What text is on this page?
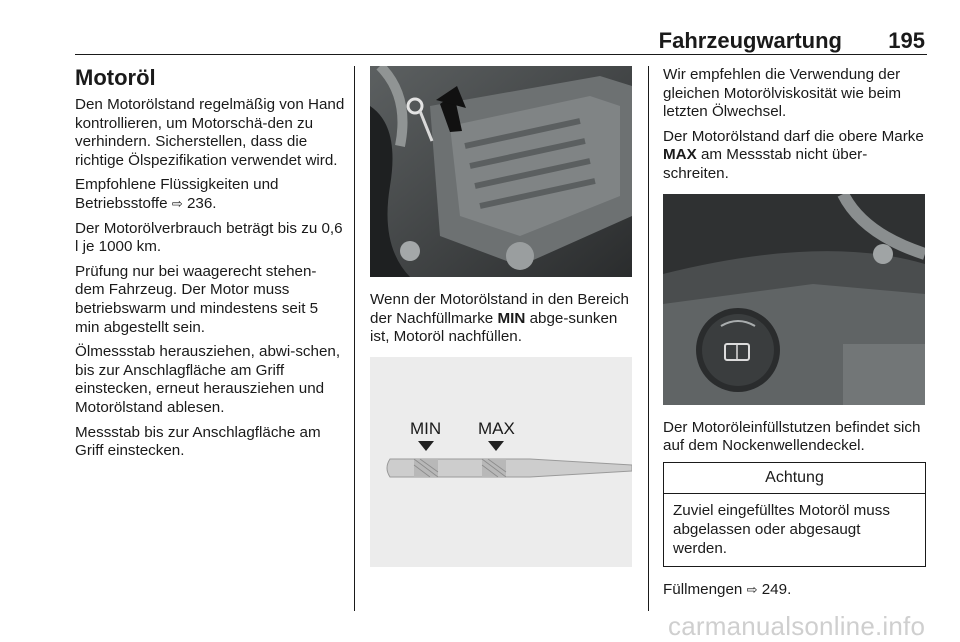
Fahrzeugwartung 195
Motoröl

Den Motorölstand regelmäßig von Hand kontrollieren, um Motorschä-den zu verhindern. Sicherstellen, dass die richtige Ölspezifikation verwendet wird.

Empfohlene Flüssigkeiten und Betriebsstoffe ⇨ 236.

Der Motorölverbrauch beträgt bis zu 0,6 l je 1000 km.

Prüfung nur bei waagerecht stehen-dem Fahrzeug. Der Motor muss betriebswarm und mindestens seit 5 min abgestellt sein.

Ölmessstab herausziehen, abwi-schen, bis zur Anschlagfläche am Griff einstecken, erneut herausziehen und Motorölstand ablesen.

Messstab bis zur Anschlagfläche am Griff einstecken.

Wenn der Motorölstand in den Bereich der Nachfüllmarke MIN abge-sunken ist, Motoröl nachfüllen.

MIN MAX

Wir empfehlen die Verwendung der gleichen Motorölviskosität wie beim letzten Ölwechsel.

Der Motorölstand darf die obere Marke MAX am Messstab nicht über-schreiten.

Der Motoröleinfüllstutzen befindet sich auf dem Nockenwellendeckel.

Achtung
Zuviel eingefülltes Motoröl muss abgelassen oder abgesaugt werden.

Füllmengen ⇨ 249.

carmanualsonline.info
